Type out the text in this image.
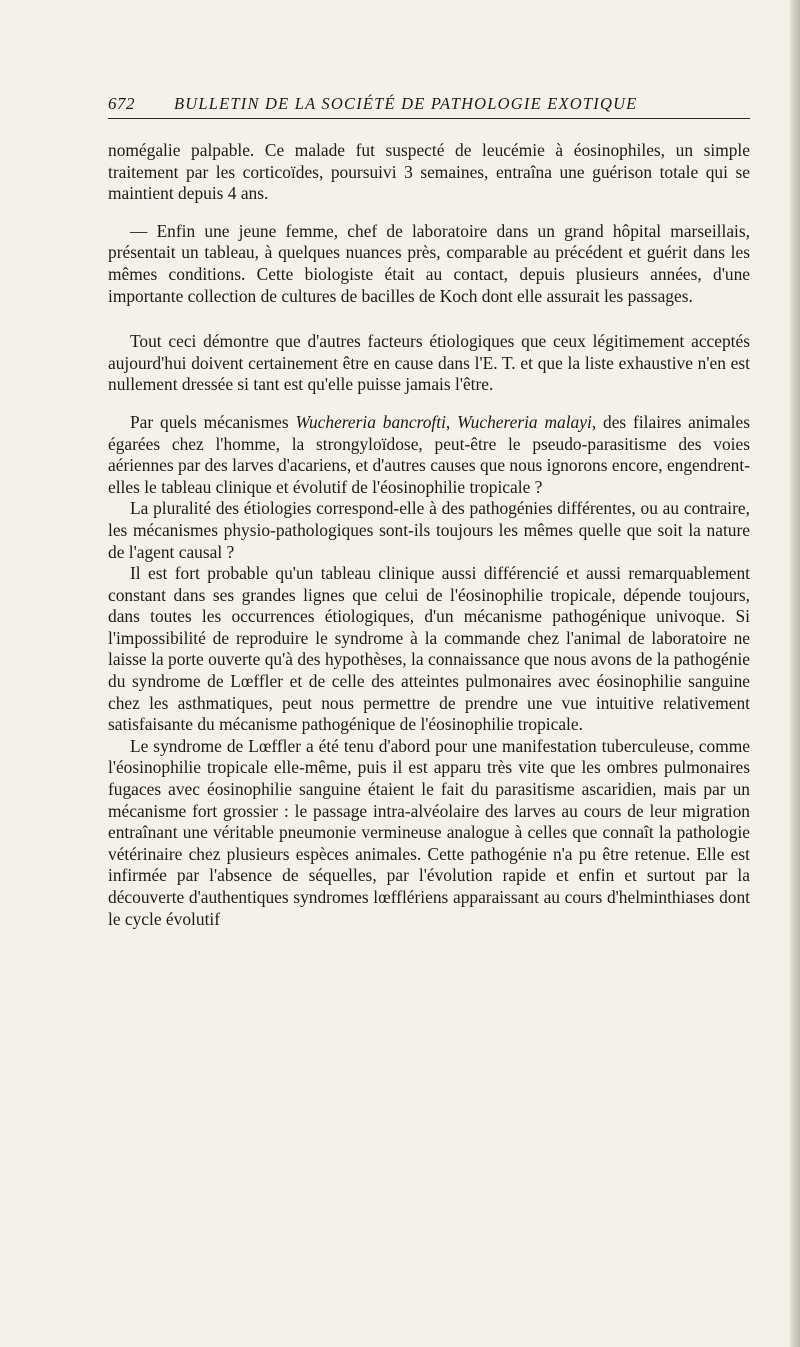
672 BULLETIN DE LA SOCIÉTÉ DE PATHOLOGIE EXOTIQUE

nomégalie palpable. Ce malade fut suspecté de leucémie à éosinophiles, un simple traitement par les corticoïdes, poursuivi 3 semaines, entraîna une guérison totale qui se maintient depuis 4 ans.

— Enfin une jeune femme, chef de laboratoire dans un grand hôpital marseillais, présentait un tableau, à quelques nuances près, comparable au précédent et guérit dans les mêmes conditions. Cette biologiste était au contact, depuis plusieurs années, d'une importante collection de cultures de bacilles de Koch dont elle assurait les passages.

Tout ceci démontre que d'autres facteurs étiologiques que ceux légitimement acceptés aujourd'hui doivent certainement être en cause dans l'E. T. et que la liste exhaustive n'en est nullement dressée si tant est qu'elle puisse jamais l'être.

Par quels mécanismes Wuchereria bancrofti, Wuchereria malayi, des filaires animales égarées chez l'homme, la strongyloïdose, peut-être le pseudo-parasitisme des voies aériennes par des larves d'acariens, et d'autres causes que nous ignorons encore, engendrent-elles le tableau clinique et évolutif de l'éosinophilie tropicale ?

La pluralité des étiologies correspond-elle à des pathogénies différentes, ou au contraire, les mécanismes physio-pathologiques sont-ils toujours les mêmes quelle que soit la nature de l'agent causal ?

Il est fort probable qu'un tableau clinique aussi différencié et aussi remarquablement constant dans ses grandes lignes que celui de l'éosinophilie tropicale, dépende toujours, dans toutes les occurrences étiologiques, d'un mécanisme pathogénique univoque. Si l'impossibilité de reproduire le syndrome à la commande chez l'animal de laboratoire ne laisse la porte ouverte qu'à des hypothèses, la connaissance que nous avons de la pathogénie du syndrome de Lœffler et de celle des atteintes pulmonaires avec éosinophilie sanguine chez les asthmatiques, peut nous permettre de prendre une vue intuitive relativement satisfaisante du mécanisme pathogénique de l'éosinophilie tropicale.

Le syndrome de Lœffler a été tenu d'abord pour une manifestation tuberculeuse, comme l'éosinophilie tropicale elle-même, puis il est apparu très vite que les ombres pulmonaires fugaces avec éosinophilie sanguine étaient le fait du parasitisme ascaridien, mais par un mécanisme fort grossier : le passage intra-alvéolaire des larves au cours de leur migration entraînant une véritable pneumonie vermineuse analogue à celles que connaît la pathologie vétérinaire chez plusieurs espèces animales. Cette pathogénie n'a pu être retenue. Elle est infirmée par l'absence de séquelles, par l'évolution rapide et enfin et surtout par la découverte d'authentiques syndromes lœfflériens apparaissant au cours d'helminthiases dont le cycle évolutif
